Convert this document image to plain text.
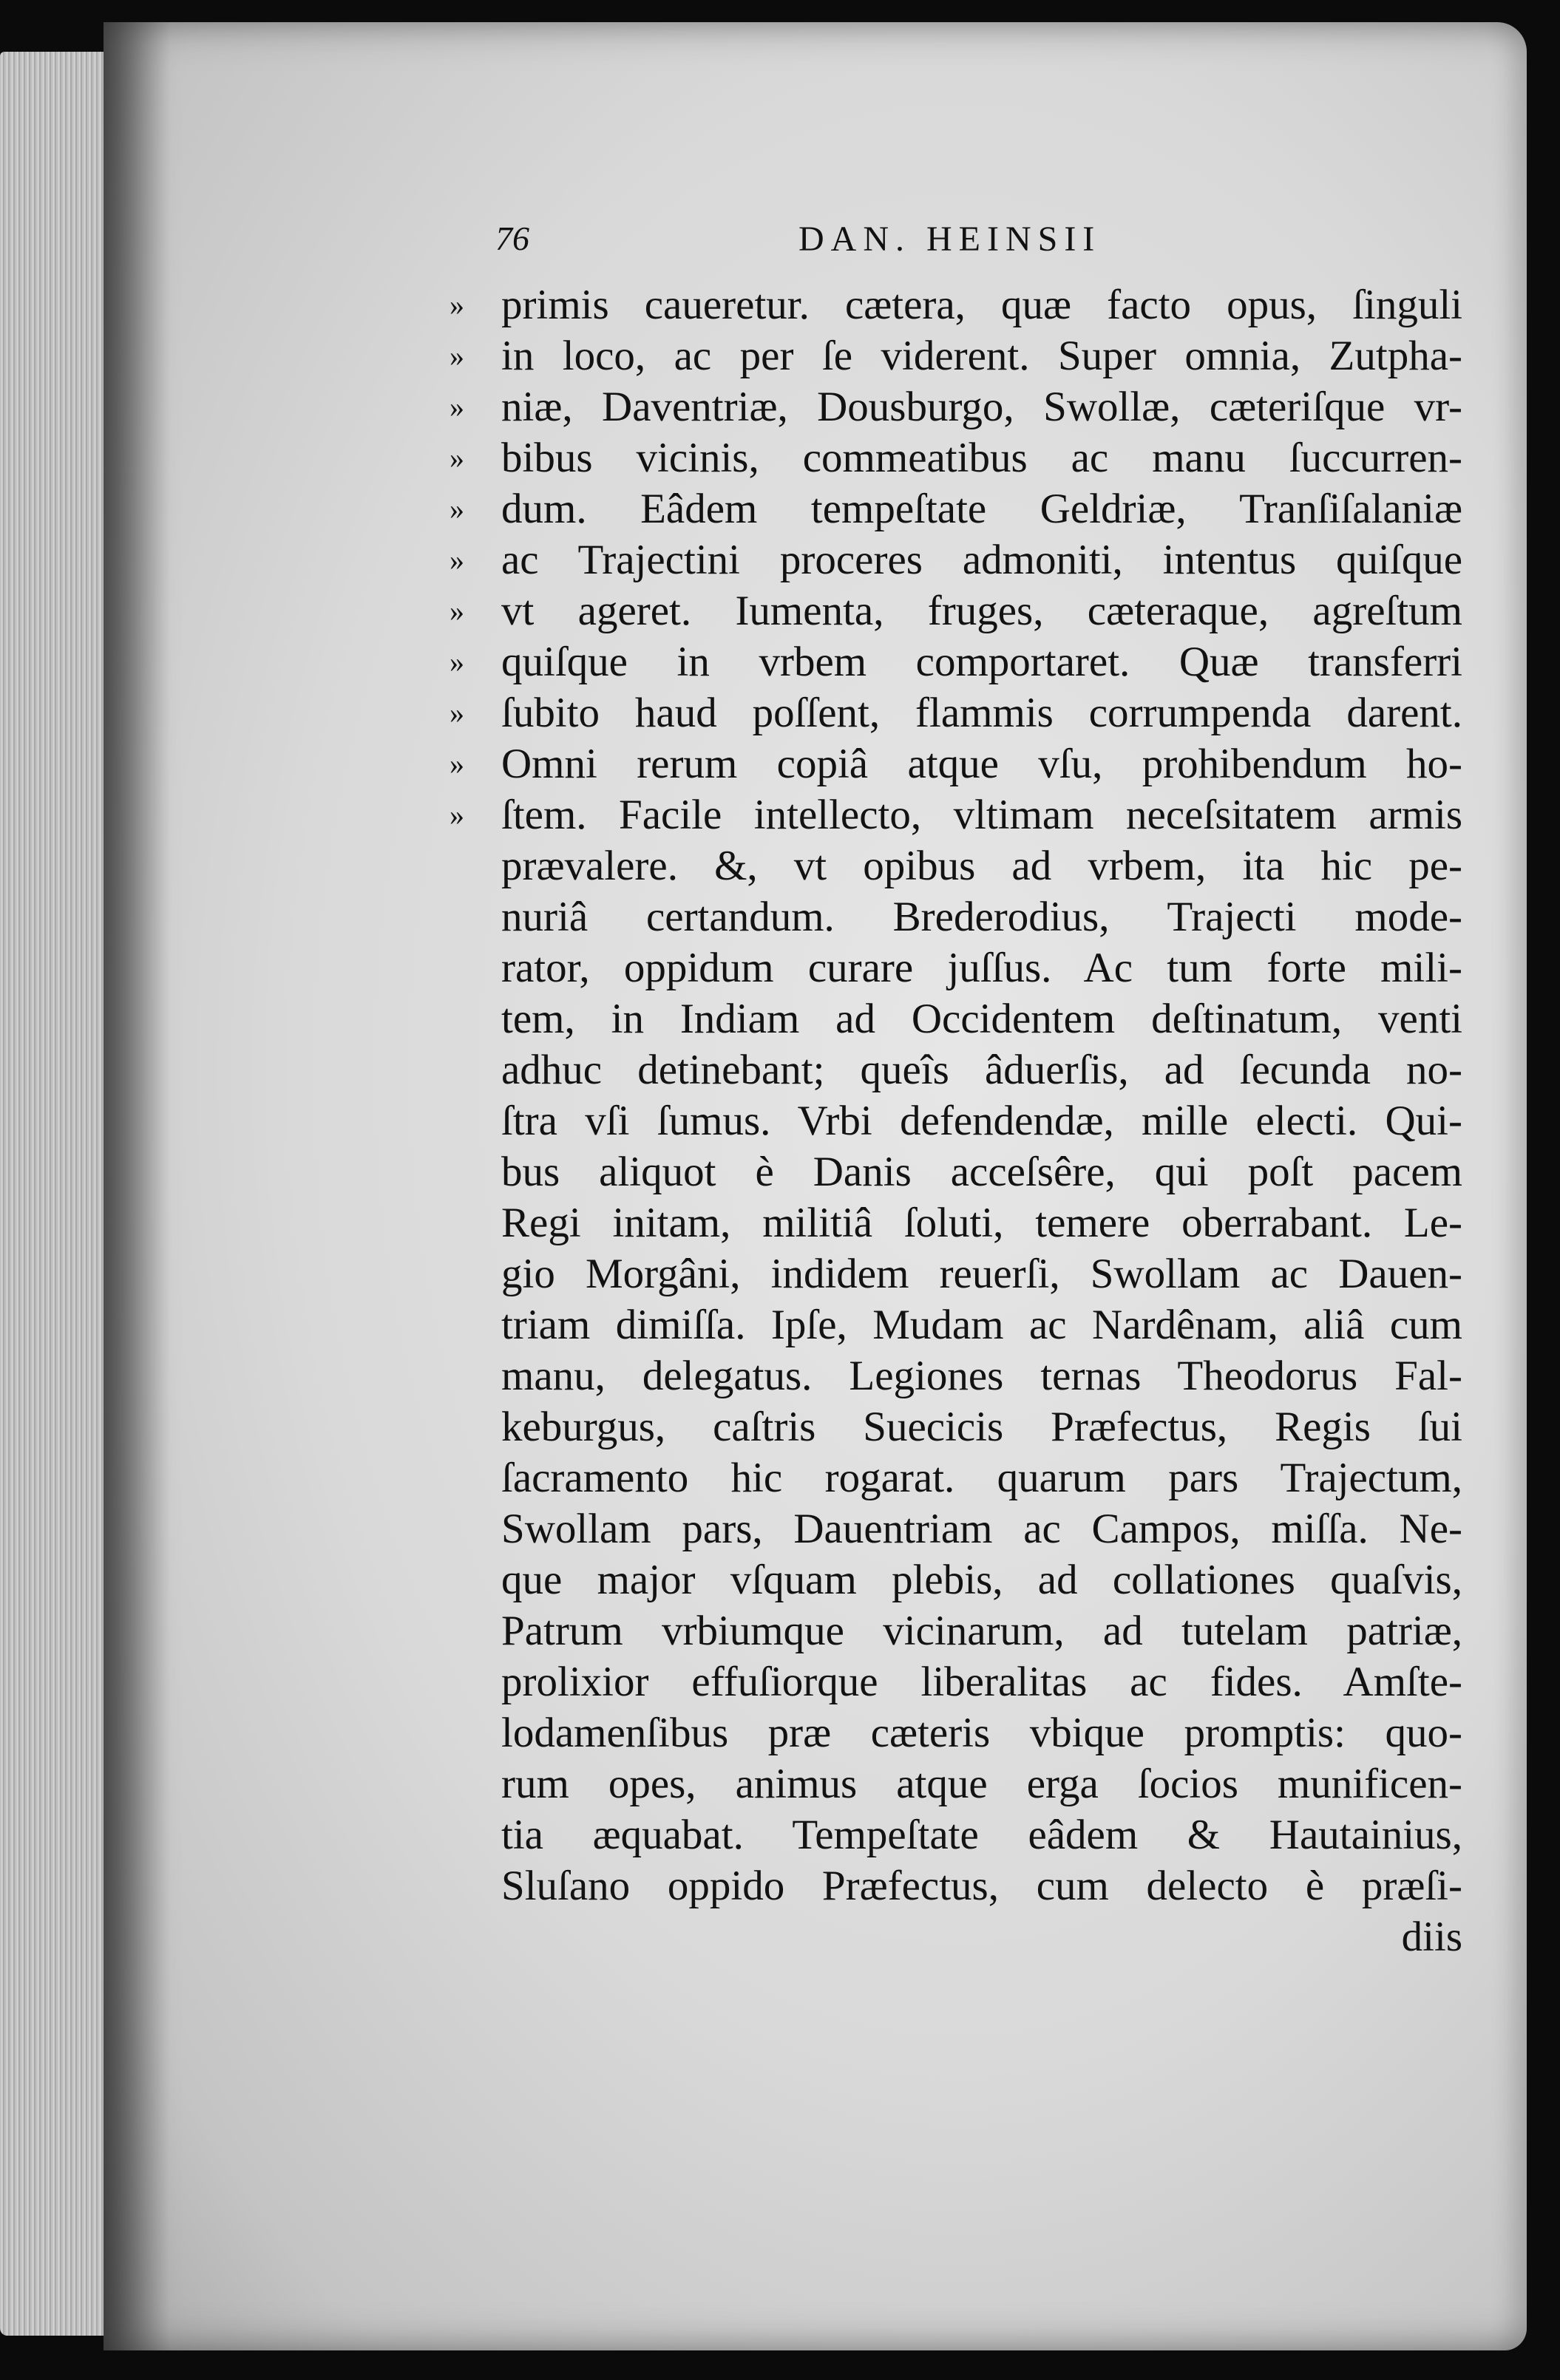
76	DAN. HEINSII
» primis caueretur. cætera, quæ facto opus, ſinguli
» in loco, ac per ſe viderent. Super omnia, Zutpha-
» niæ, Daventriæ, Dousburgo, Swollæ, cæteriſque vr-
» bibus vicinis, commeatibus ac manu ſuccurren-
» dum. Eâdem tempeſtate Geldriæ, Tranſiſalaniæ
» ac Trajectini proceres admoniti, intentus quiſque
» vt ageret. Iumenta, fruges, cæteraque, agreſtum
» quiſque in vrbem comportaret. Quæ transferri
» ſubito haud poſſent, flammis corrumpenda darent.
» Omni rerum copiâ atque vſu, prohibendum ho-
» ſtem. Facile intellecto, vltimam neceſsitatem armis
prævalere. &, vt opibus ad vrbem, ita hic pe-
nuriâ certandum. Brederodius, Trajecti mode-
rator, oppidum curare juſſus. Ac tum forte mili-
tem, in Indiam ad Occidentem deſtinatum, venti
adhuc detinebant; queîs âduerſis, ad ſecunda no-
ſtra vſi ſumus. Vrbi defendendæ, mille electi. Qui-
bus aliquot è Danis acceſsêre, qui poſt pacem
Regi initam, militiâ ſoluti, temere oberrabant. Le-
gio Morgâni, indidem reuerſi, Swollam ac Dauen-
triam dimiſſa. Ipſe, Mudam ac Nardênam, aliâ cum
manu, delegatus. Legiones ternas Theodorus Fal-
keburgus, caſtris Suecicis Præfectus, Regis ſui
ſacramento hic rogarat. quarum pars Trajectum,
Swollam pars, Dauentriam ac Campos, miſſa. Ne-
que major vſquam plebis, ad collationes quaſvis,
Patrum vrbiumque vicinarum, ad tutelam patriæ,
prolixior effuſiorque liberalitas ac fides. Amſte-
lodamenſibus præ cæteris vbique promptis: quo-
rum opes, animus atque erga ſocios munificen-
tia æquabat. Tempeſtate eâdem & Hautainius,
Sluſano oppido Præfectus, cum delecto è præſi-
diis
